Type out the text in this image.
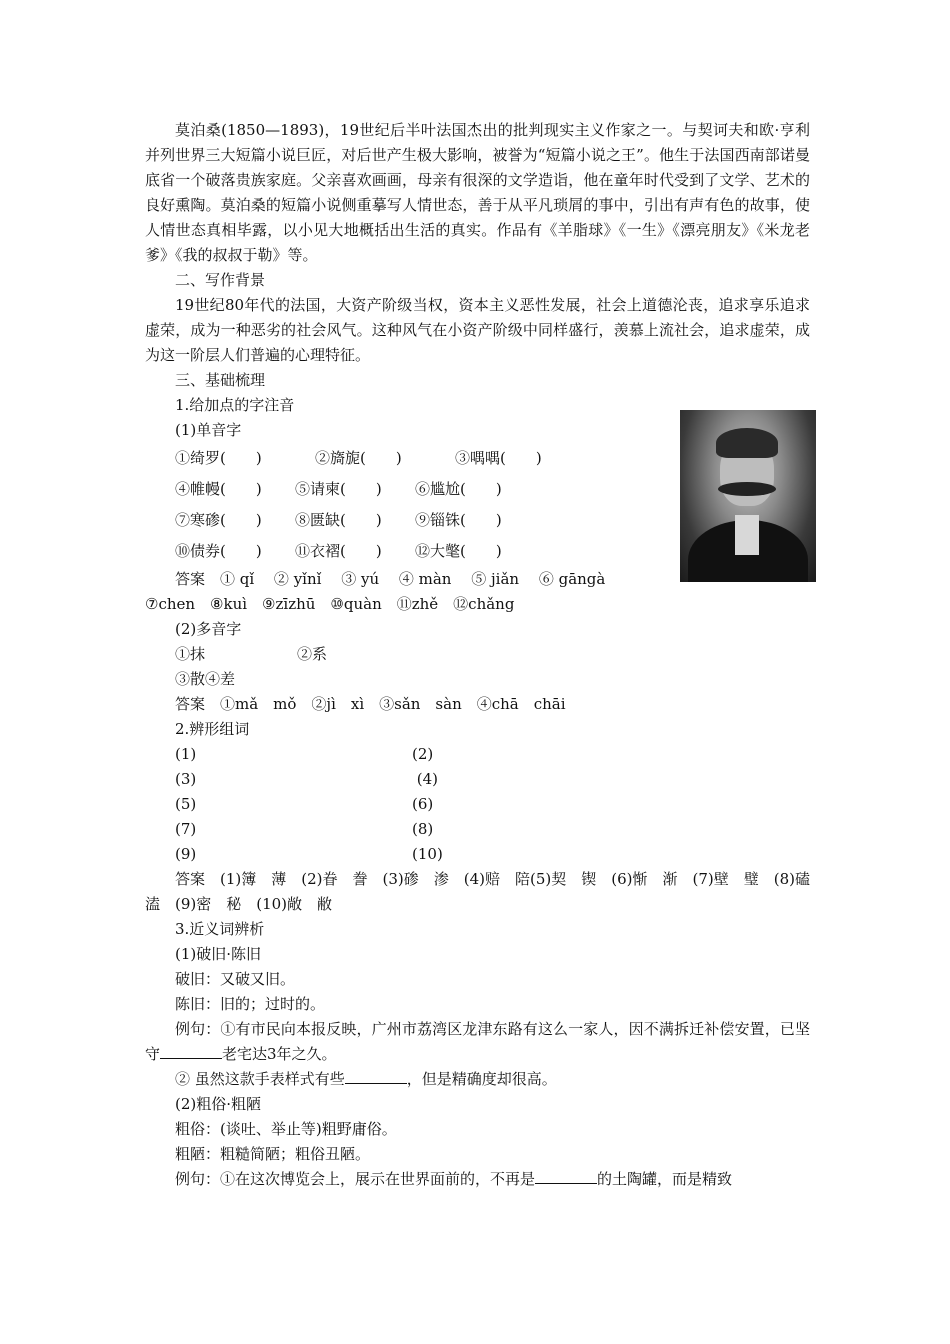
莫泊桑(1850—1893)，19世纪后半叶法国杰出的批判现实主义作家之一。与契诃夫和欧·亨利并列世界三大短篇小说巨匠，对后世产生极大影响，被誉为“短篇小说之王”。他生于法国西南部诺曼底省一个破落贵族家庭。父亲喜欢画画，母亲有很深的文学造诣，他在童年时代受到了文学、艺术的良好熏陶。莫泊桑的短篇小说侧重摹写人情世态，善于从平凡琐屑的事中，引出有声有色的故事，使人情世态真相毕露，以小见大地概括出生活的真实。作品有《羊脂球》《一生》《漂亮朋友》《米龙老爹》《我的叔叔于勒》等。

二、写作背景

19世纪80年代的法国，大资产阶级当权，资本主义恶性发展，社会上道德沦丧，追求享乐追求虚荣，成为一种恶劣的社会风气。这种风气在小资产阶级中同样盛行，羡慕上流社会，追求虚荣，成为这一阶层人们普遍的心理特征。

三、基础梳理

1.给加点的字注音

(1)单音字

①绮罗(　　)	②旖旎(　　)	③喁喁(　　)
④帷幔(　　)	⑤请柬(　　)	⑥尴尬(　　)
⑦寒碜(　　)	⑧匮缺(　　)	⑨锱铢(　　)
⑩债券(　　)	⑪衣褶(　　)	⑫大氅(　　)

答案　① qǐ　 ② yǐnǐ　 ③ yú　 ④ màn　 ⑤ jiǎn　 ⑥ gāngà

⑦chen　⑧kuì　⑨zīzhū　⑩quàn　⑪zhě　⑫chǎng

(2)多音字

①抹	②系
③散④差

答案　①mǎ　mǒ　②jì　xì　③sǎn　sàn　④chā　chāi

2.辨形组词

(1)	(2)
(3)	(4)
(5)	(6)
(7)	(8)
(9)	(10)

答案　(1)簿　薄　(2)眷　誊　(3)碜　渗　(4)赔　陪(5)契　锲　(6)惭　渐　(7)壁　璧　(8)磕　溘　(9)密　秘　(10)敞　敝

3.近义词辨析

(1)破旧·陈旧

破旧：又破又旧。

陈旧：旧的；过时的。

例句：①有市民向本报反映，广州市荔湾区龙津东路有这么一家人，因不满拆迁补偿安置，已坚守	老宅达3年之久。

② 虽然这款手表样式有些	，但是精确度却很高。

(2)粗俗·粗陋

粗俗：(谈吐、举止等)粗野庸俗。

粗陋：粗糙简陋；粗俗丑陋。

例句：①在这次博览会上，展示在世界面前的，不再是	的土陶罐，而是精致
